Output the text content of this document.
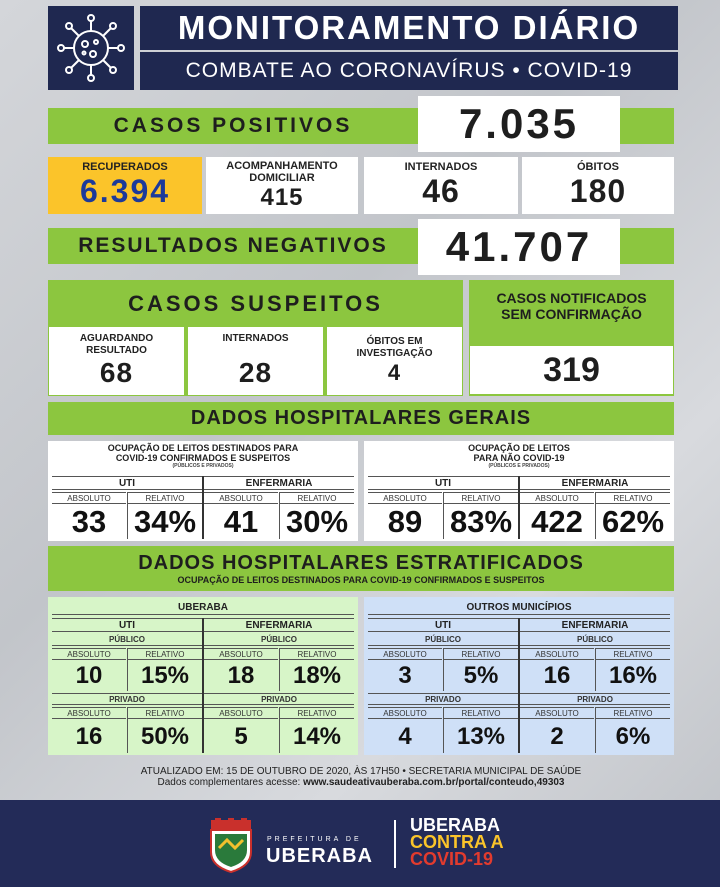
MONITORAMENTO DIÁRIO
COMBATE AO CORONAVÍRUS • COVID-19
CASOS POSITIVOS	7.035
RECUPERADOS
6.394
ACOMPANHAMENTO DOMICILIAR
415
INTERNADOS
46
ÓBITOS
180
RESULTADOS NEGATIVOS	41.707
CASOS SUSPEITOS
AGUARDANDO RESULTADO
68
INTERNADOS
28
ÓBITOS EM INVESTIGAÇÃO
4
CASOS NOTIFICADOS SEM CONFIRMAÇÃO
319
DADOS HOSPITALARES GERAIS
OCUPAÇÃO DE LEITOS DESTINADOS PARA
COVID-19 CONFIRMADOS E SUSPEITOS
(PÚBLICOS E PRIVADOS)
UTI	ENFERMARIA
ABSOLUTO	RELATIVO	ABSOLUTO	RELATIVO
33 34% 41 30%
OCUPAÇÃO DE LEITOS
PARA NÃO COVID-19
(PÚBLICOS E PRIVADOS)
UTI	ENFERMARIA
ABSOLUTO	RELATIVO	ABSOLUTO	RELATIVO
89 83% 422 62%
DADOS HOSPITALARES ESTRATIFICADOS
OCUPAÇÃO DE LEITOS DESTINADOS PARA COVID-19 CONFIRMADOS E SUSPEITOS
UBERABA
UTI	ENFERMARIA
PÚBLICO	PÚBLICO
ABSOLUTO	RELATIVO	ABSOLUTO	RELATIVO
10	15%	18	18%
PRIVADO	PRIVADO
ABSOLUTO	RELATIVO	ABSOLUTO	RELATIVO
16	50%	5	14%
OUTROS MUNICÍPIOS
UTI	ENFERMARIA
PÚBLICO	PÚBLICO
ABSOLUTO	RELATIVO	ABSOLUTO	RELATIVO
3	5%	16	16%
PRIVADO	PRIVADO
ABSOLUTO	RELATIVO	ABSOLUTO	RELATIVO
4	13%	2	6%
ATUALIZADO EM: 15 DE OUTUBRO DE 2020, ÀS 17H50 • SECRETARIA MUNICIPAL DE SAÚDE
Dados complementares acesse: www.saudeativauberaba.com.br/portal/conteudo,49303
PREFEITURA DE
UBERABA
UBERABA
CONTRA A
COVID-19
